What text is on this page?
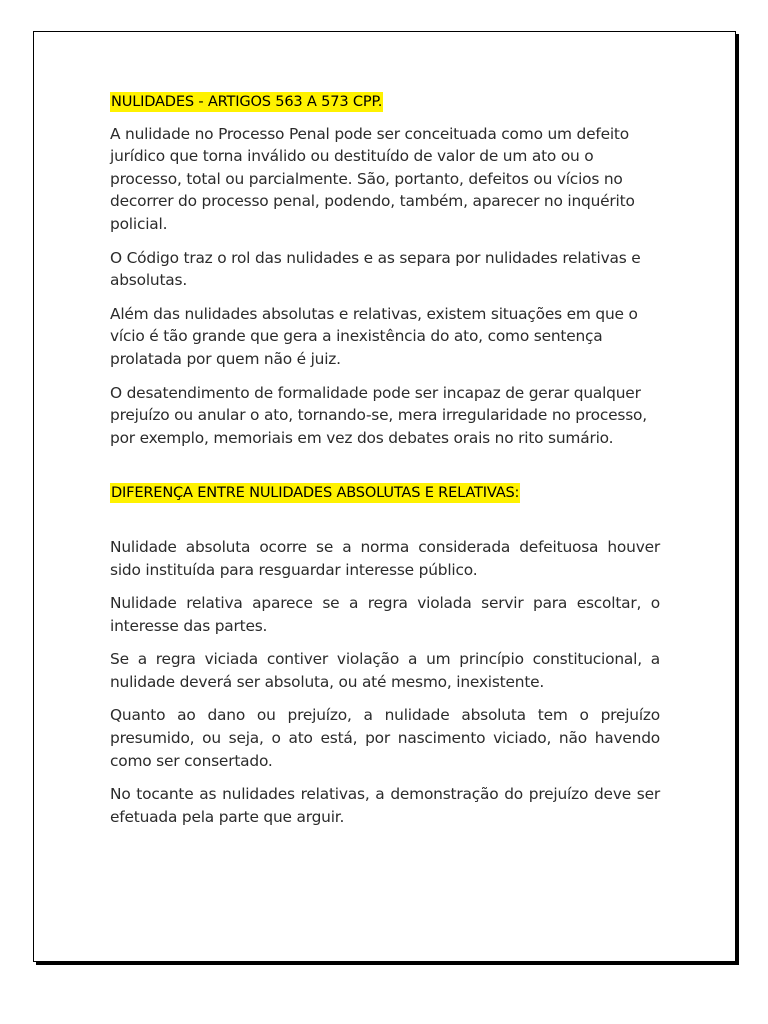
NULIDADES - ARTIGOS 563 A 573 CPP.

A nulidade no Processo Penal pode ser conceituada como um defeito jurídico que torna inválido ou destituído de valor de um ato ou o processo, total ou parcialmente. São, portanto, defeitos ou vícios no decorrer do processo penal, podendo, também, aparecer no inquérito policial.

O Código traz o rol das nulidades e as separa por nulidades relativas e absolutas.

Além das nulidades absolutas e relativas, existem situações em que o vício é tão grande que gera a inexistência do ato, como sentença prolatada por quem não é juiz.

O desatendimento de formalidade pode ser incapaz de gerar qualquer prejuízo ou anular o ato, tornando-se, mera irregularidade no processo, por exemplo, memoriais em vez dos debates orais no rito sumário.

DIFERENÇA ENTRE NULIDADES ABSOLUTAS E RELATIVAS:

Nulidade absoluta ocorre se a norma considerada defeituosa houver sido instituída para resguardar interesse público.

Nulidade relativa aparece se a regra violada servir para escoltar, o interesse das partes.

Se a regra viciada contiver violação a um princípio constitucional, a nulidade deverá ser absoluta, ou até mesmo, inexistente.

Quanto ao dano ou prejuízo, a nulidade absoluta tem o prejuízo presumido, ou seja, o ato está, por nascimento viciado, não havendo como ser consertado.

No tocante as nulidades relativas, a demonstração do prejuízo deve ser efetuada pela parte que arguir.
